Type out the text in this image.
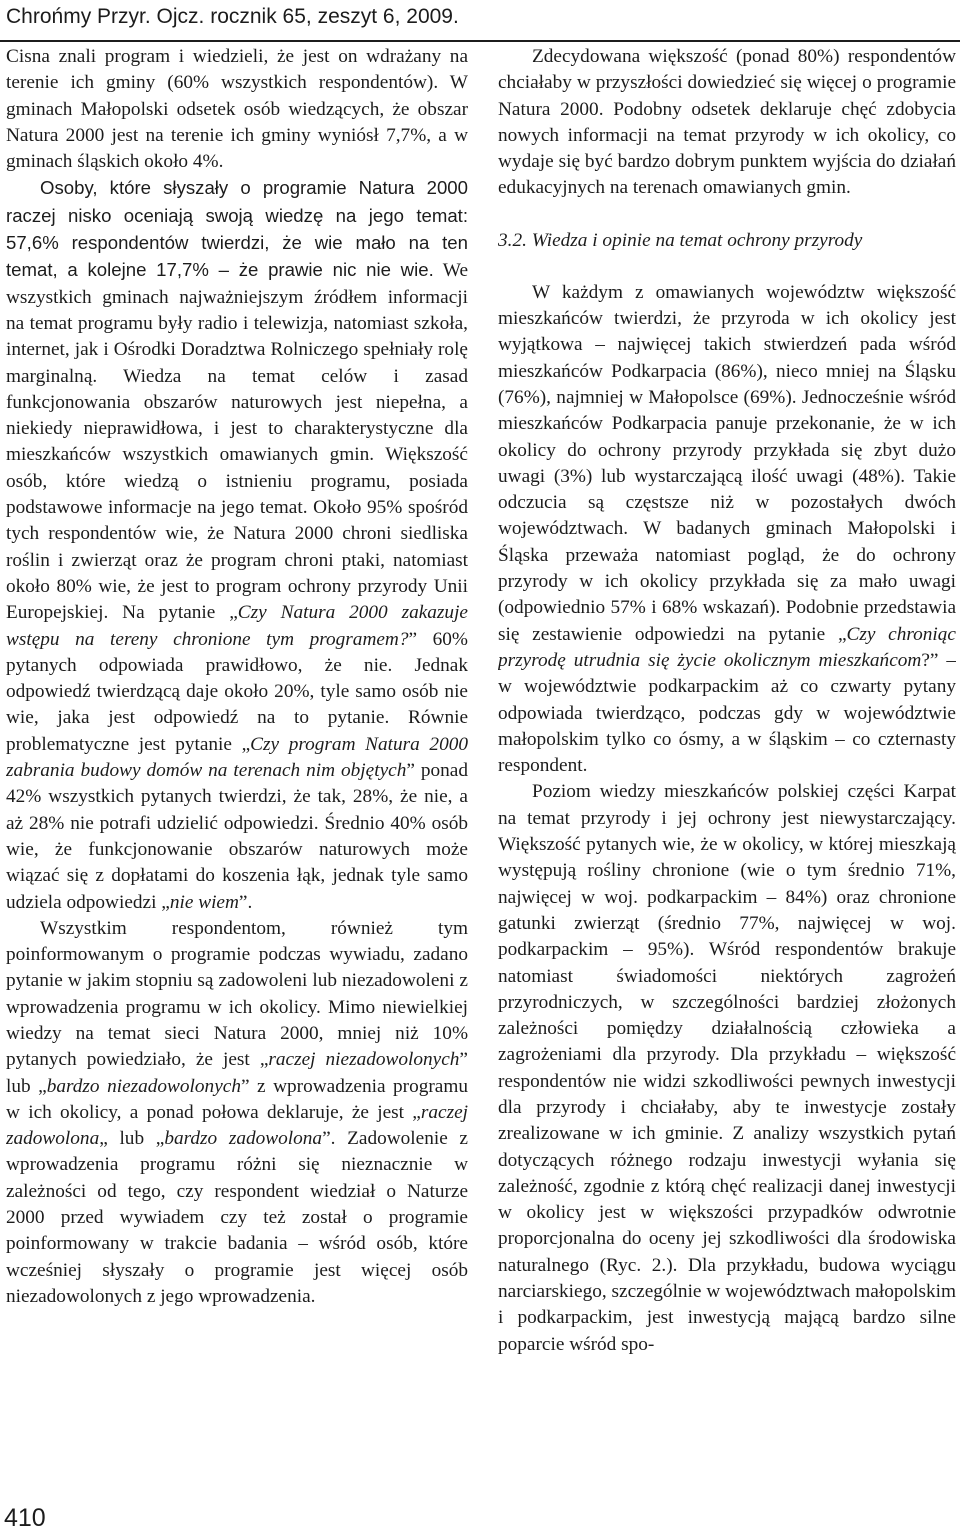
Chrońmy Przyr. Ojcz. rocznik 65, zeszyt 6, 2009.

Cisna znali program i wiedzieli, że jest on wdrażany na terenie ich gminy (60% wszystkich respondentów). W gminach Małopolski odsetek osób wiedzących, że obszar Natura 2000 jest na terenie ich gminy wyniósł 7,7%, a w gminach śląskich około 4%.

Osoby, które słyszały o programie Natura 2000 raczej nisko oceniają swoją wiedzę na jego temat: 57,6% respondentów twierdzi, że wie mało na ten temat, a kolejne 17,7% – że prawie nic nie wie. We wszystkich gminach najważniejszym źródłem informacji na temat programu były radio i telewizja, natomiast szkoła, internet, jak i Ośrodki Doradztwa Rolniczego spełniały rolę marginalną. Wiedza na temat celów i zasad funkcjonowania obszarów naturowych jest niepełna, a niekiedy nieprawidłowa, i jest to charakterystyczne dla mieszkańców wszystkich omawianych gmin. Większość osób, które wiedzą o istnieniu programu, posiada podstawowe informacje na jego temat. Około 95% spośród tych respondentów wie, że Natura 2000 chroni siedliska roślin i zwierząt oraz że program chroni ptaki, natomiast około 80% wie, że jest to program ochrony przyrody Unii Europejskiej. Na pytanie „Czy Natura 2000 zakazuje wstępu na tereny chronione tym programem?” 60% pytanych odpowiada prawidłowo, że nie. Jednak odpowiedź twierdzącą daje około 20%, tyle samo osób nie wie, jaka jest odpowiedź na to pytanie. Równie problematyczne jest pytanie „Czy program Natura 2000 zabrania budowy domów na terenach nim objętych” ponad 42% wszystkich pytanych twierdzi, że tak, 28%, że nie, a aż 28% nie potrafi udzielić odpowiedzi. Średnio 40% osób wie, że funkcjonowanie obszarów naturowych może wiązać się z dopłatami do koszenia łąk, jednak tyle samo udziela odpowiedzi „nie wiem”.

Wszystkim respondentom, również tym poinformowanym o programie podczas wywiadu, zadano pytanie w jakim stopniu są zadowoleni lub niezadowoleni z wprowadzenia programu w ich okolicy. Mimo niewielkiej wiedzy na temat sieci Natura 2000, mniej niż 10% pytanych powiedziało, że jest „raczej niezadowolonych” lub „bardzo niezadowolonych” z wprowadzenia programu w ich okolicy, a ponad połowa deklaruje, że jest „raczej zadowolona„ lub „bardzo zadowolona”. Zadowolenie z wprowadzenia programu różni się nieznacznie w zależności od tego, czy respondent wiedział o Naturze 2000 przed wywiadem czy też został o programie poinformowany w trakcie badania – wśród osób, które wcześniej słyszały o programie jest więcej osób niezadowolonych z jego wprowadzenia.

Zdecydowana większość (ponad 80%) respondentów chciałaby w przyszłości dowiedzieć się więcej o programie Natura 2000. Podobny odsetek deklaruje chęć zdobycia nowych informacji na temat przyrody w ich okolicy, co wydaje się być bardzo dobrym punktem wyjścia do działań edukacyjnych na terenach omawianych gmin.

3.2. Wiedza i opinie na temat ochrony przyrody

W każdym z omawianych województw większość mieszkańców twierdzi, że przyroda w ich okolicy jest wyjątkowa – najwięcej takich stwierdzeń pada wśród mieszkańców Podkarpacia (86%), nieco mniej na Śląsku (76%), najmniej w Małopolsce (69%). Jednocześnie wśród mieszkańców Podkarpacia panuje przekonanie, że w ich okolicy do ochrony przyrody przykłada się zbyt dużo uwagi (3%) lub wystarczającą ilość uwagi (48%). Takie odczucia są częstsze niż w pozostałych dwóch województwach. W badanych gminach Małopolski i Śląska przeważa natomiast pogląd, że do ochrony przyrody w ich okolicy przykłada się za mało uwagi (odpowiednio 57% i 68% wskazań). Podobnie przedstawia się zestawienie odpowiedzi na pytanie „Czy chroniąc przyrodę utrudnia się życie okolicznym mieszkańcom?” – w województwie podkarpackim aż co czwarty pytany odpowiada twierdząco, podczas gdy w województwie małopolskim tylko co ósmy, a w śląskim – co czternasty respondent.

Poziom wiedzy mieszkańców polskiej części Karpat na temat przyrody i jej ochrony jest niewystarczający. Większość pytanych wie, że w okolicy, w której mieszkają występują rośliny chronione (wie o tym średnio 71%, najwięcej w woj. podkarpackim – 84%) oraz chronione gatunki zwierząt (średnio 77%, najwięcej w woj. podkarpackim – 95%). Wśród respondentów brakuje natomiast świadomości niektórych zagrożeń przyrodniczych, w szczególności bardziej złożonych zależności pomiędzy działalnością człowieka a zagrożeniami dla przyrody. Dla przykładu – większość respondentów nie widzi szkodliwości pewnych inwestycji dla przyrody i chciałaby, aby te inwestycje zostały zrealizowane w ich gminie. Z analizy wszystkich pytań dotyczących różnego rodzaju inwestycji wyłania się zależność, zgodnie z którą chęć realizacji danej inwestycji w okolicy jest w większości przypadków odwrotnie proporcjonalna do oceny jej szkodliwości dla środowiska naturalnego (Ryc. 2.). Dla przykładu, budowa wyciągu narciarskiego, szczególnie w województwach małopolskim i podkarpackim, jest inwestycją mającą bardzo silne poparcie wśród spo-

410
